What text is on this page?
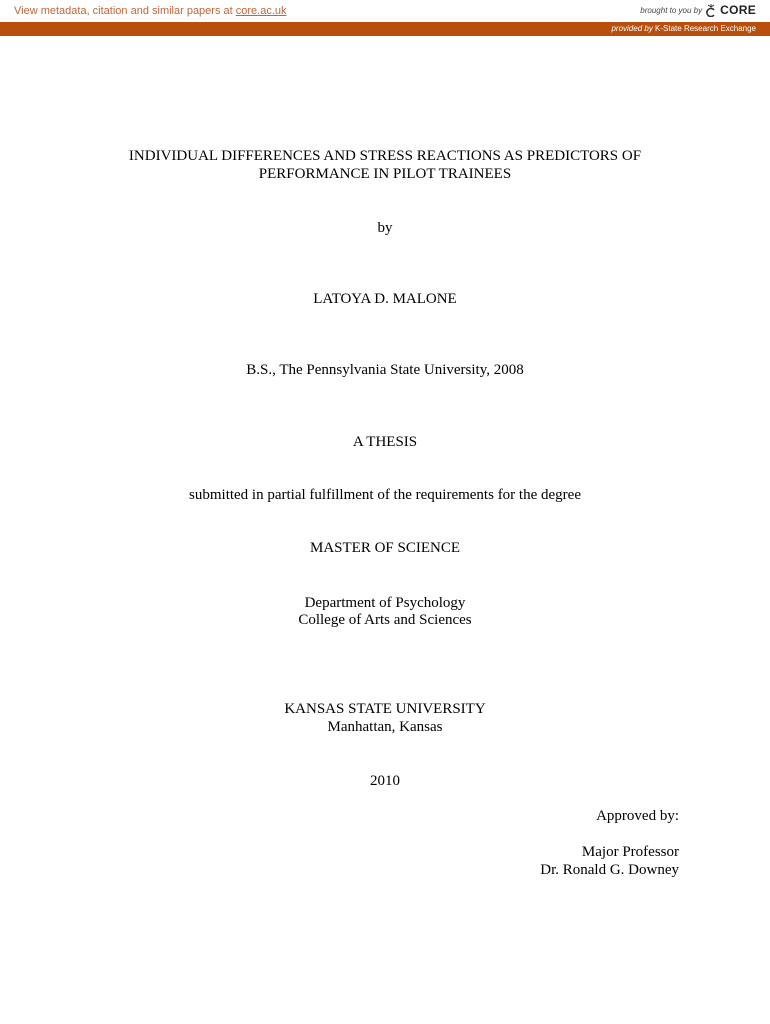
View metadata, citation and similar papers at core.ac.uk	brought to you by CORE
provided by K-State Research Exchange
INDIVIDUAL DIFFERENCES AND STRESS REACTIONS AS PREDICTORS OF
PERFORMANCE IN PILOT TRAINEES
by
LATOYA D. MALONE
B.S., The Pennsylvania State University, 2008
A THESIS
submitted in partial fulfillment of the requirements for the degree
MASTER OF SCIENCE
Department of Psychology
College of Arts and Sciences
KANSAS STATE UNIVERSITY
Manhattan, Kansas
2010
Approved by:
Major Professor
Dr. Ronald G. Downey
